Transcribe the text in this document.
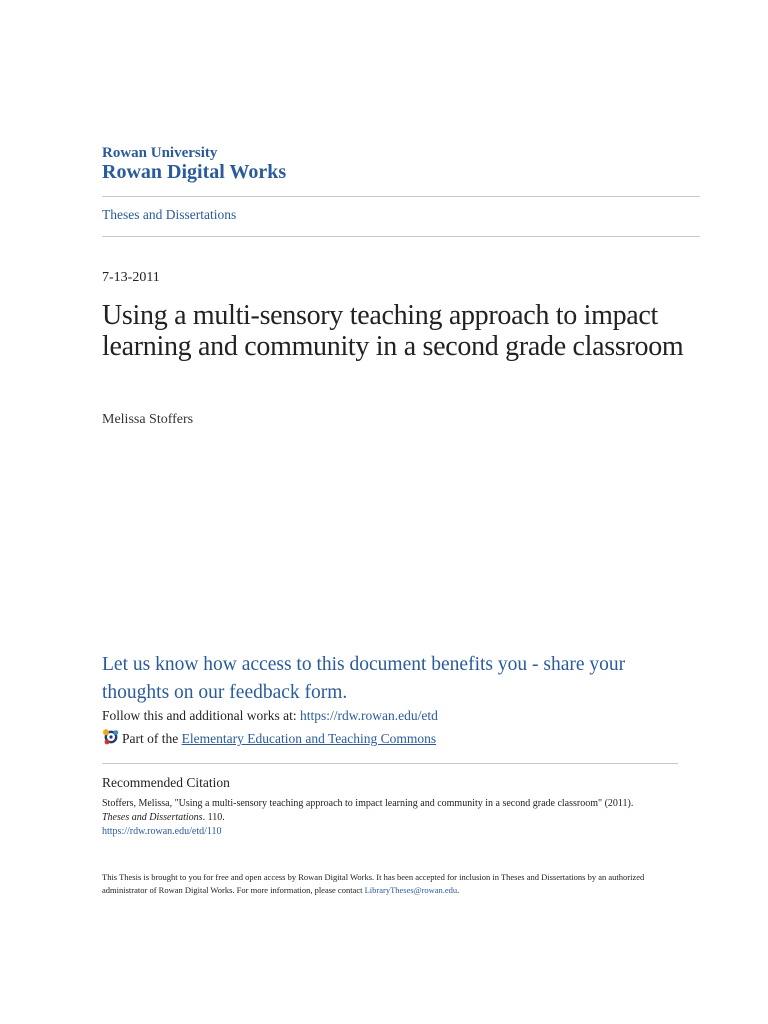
Rowan University
Rowan Digital Works
Theses and Dissertations
7-13-2011
Using a multi-sensory teaching approach to impact learning and community in a second grade classroom
Melissa Stoffers
Let us know how access to this document benefits you - share your thoughts on our feedback form.
Follow this and additional works at: https://rdw.rowan.edu/etd
Part of the
Elementary Education and Teaching Commons
Recommended Citation
Stoffers, Melissa, "Using a multi-sensory teaching approach to impact learning and community in a second grade classroom" (2011).
Theses and Dissertations. 110.
https://rdw.rowan.edu/etd/110
This Thesis is brought to you for free and open access by Rowan Digital Works. It has been accepted for inclusion in Theses and Dissertations by an authorized administrator of Rowan Digital Works. For more information, please contact LibraryTheses@rowan.edu.
